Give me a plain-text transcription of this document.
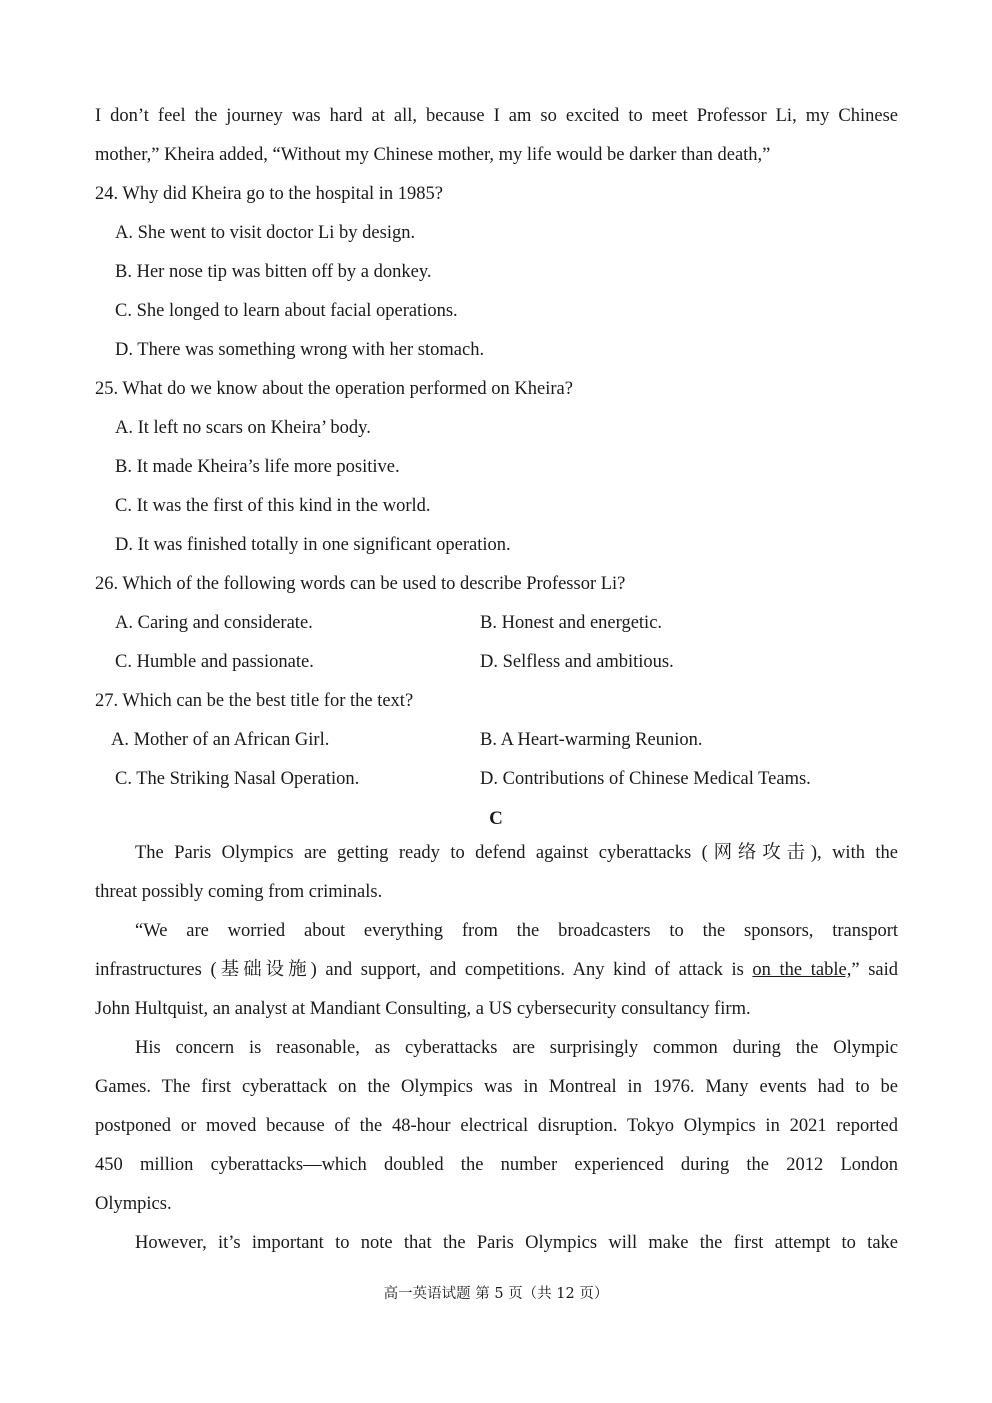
I don’t feel the journey was hard at all, because I am so excited to meet Professor Li, my Chinese
mother,” Kheira added, “Without my Chinese mother, my life would be darker than death,”
24. Why did Kheira go to the hospital in 1985?
A. She went to visit doctor Li by design.
B. Her nose tip was bitten off by a donkey.
C. She longed to learn about facial operations.
D. There was something wrong with her stomach.
25. What do we know about the operation performed on Kheira?
A. It left no scars on Kheira’ body.
B. It made Kheira’s life more positive.
C. It was the first of this kind in the world.
D. It was finished totally in one significant operation.
26. Which of the following words can be used to describe Professor Li?
A. Caring and considerate.	B. Honest and energetic.
C. Humble and passionate.	D. Selfless and ambitious.
27. Which can be the best title for the text?
A. Mother of an African Girl.	B. A Heart-warming Reunion.
C. The Striking Nasal Operation.	D. Contributions of Chinese Medical Teams.
C
The Paris Olympics are getting ready to defend against cyberattacks (网络攻击), with the
threat possibly coming from criminals.
“We are worried about everything from the broadcasters to the sponsors, transport
infrastructures (基础设施) and support, and competitions. Any kind of attack is on the table,” said
John Hultquist, an analyst at Mandiant Consulting, a US cybersecurity consultancy firm.
His concern is reasonable, as cyberattacks are surprisingly common during the Olympic
Games. The first cyberattack on the Olympics was in Montreal in 1976. Many events had to be
postponed or moved because of the 48-hour electrical disruption. Tokyo Olympics in 2021 reported
450 million cyberattacks—which doubled the number experienced during the 2012 London
Olympics.
However, it’s important to note that the Paris Olympics will make the first attempt to take
高一英语试题 第 5 页（共 12 页）
